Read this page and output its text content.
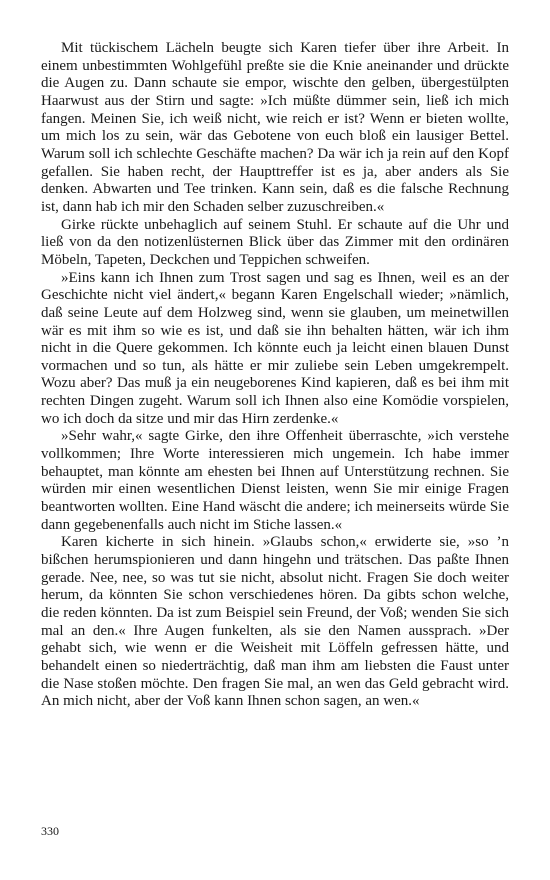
Mit tückischem Lächeln beugte sich Karen tiefer über ihre Arbeit. In einem unbestimmten Wohlgefühl preßte sie die Knie aneinander und drückte die Augen zu. Dann schaute sie empor, wischte den gelben, übergestülpten Haarwust aus der Stirn und sagte: »Ich müßte dümmer sein, ließ ich mich fangen. Meinen Sie, ich weiß nicht, wie reich er ist? Wenn er bieten wollte, um mich los zu sein, wär das Gebotene von euch bloß ein lausiger Bettel. Warum soll ich schlechte Geschäfte machen? Da wär ich ja rein auf den Kopf gefallen. Sie haben recht, der Haupttreffer ist es ja, aber anders als Sie denken. Abwarten und Tee trinken. Kann sein, daß es die falsche Rechnung ist, dann hab ich mir den Schaden selber zuzuschreiben.«

Girke rückte unbehaglich auf seinem Stuhl. Er schaute auf die Uhr und ließ von da den notizenlüsternen Blick über das Zimmer mit den ordinären Möbeln, Tapeten, Deckchen und Teppichen schweifen.

»Eins kann ich Ihnen zum Trost sagen und sag es Ihnen, weil es an der Geschichte nicht viel ändert,« begann Karen Engelschall wieder; »nämlich, daß seine Leute auf dem Holzweg sind, wenn sie glauben, um meinetwillen wär es mit ihm so wie es ist, und daß sie ihn behalten hätten, wär ich ihm nicht in die Quere gekommen. Ich könnte euch ja leicht einen blauen Dunst vormachen und so tun, als hätte er mir zuliebe sein Leben umgekrempelt. Wozu aber? Das muß ja ein neugeborenes Kind kapieren, daß es bei ihm mit rechten Dingen zugeht. Warum soll ich Ihnen also eine Komödie vorspielen, wo ich doch da sitze und mir das Hirn zerdenke.«

»Sehr wahr,« sagte Girke, den ihre Offenheit überraschte, »ich verstehe vollkommen; Ihre Worte interessieren mich ungemein. Ich habe immer behauptet, man könnte am ehesten bei Ihnen auf Unterstützung rechnen. Sie würden mir einen wesentlichen Dienst leisten, wenn Sie mir einige Fragen beantworten wollten. Eine Hand wäscht die andere; ich meinerseits würde Sie dann gegebenenfalls auch nicht im Stiche lassen.«

Karen kicherte in sich hinein. »Glaubs schon,« erwiderte sie, »so ’n bißchen herumspionieren und dann hingehn und trätschen. Das paßte Ihnen gerade. Nee, nee, so was tut sie nicht, absolut nicht. Fragen Sie doch weiter herum, da könnten Sie schon verschiedenes hören. Da gibts schon welche, die reden könnten. Da ist zum Beispiel sein Freund, der Voß; wenden Sie sich mal an den.« Ihre Augen funkelten, als sie den Namen aussprach. »Der gehabt sich, wie wenn er die Weisheit mit Löffeln gefressen hätte, und behandelt einen so niederträchtig, daß man ihm am liebsten die Faust unter die Nase stoßen möchte. Den fragen Sie mal, an wen das Geld gebracht wird. An mich nicht, aber der Voß kann Ihnen schon sagen, an wen.«

330
